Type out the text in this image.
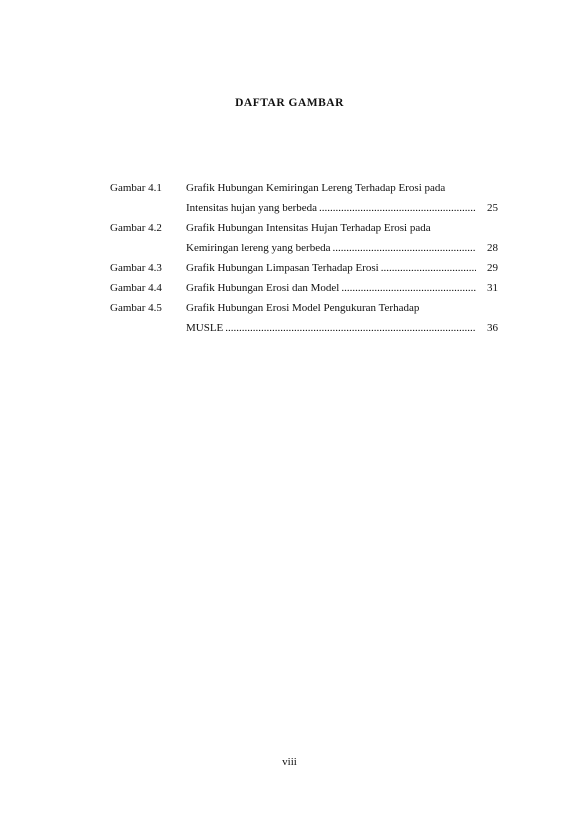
DAFTAR GAMBAR
Gambar 4.1	Grafik Hubungan Kemiringan Lereng Terhadap Erosi pada
Intensitas hujan yang berbeda .....	25
Gambar 4.2	Grafik Hubungan Intensitas Hujan Terhadap Erosi pada
Kemiringan lereng yang berbeda .....	28
Gambar 4.3	Grafik Hubungan Limpasan Terhadap Erosi .....	29
Gambar 4.4	Grafik Hubungan Erosi dan Model .....	31
Gambar 4.5	Grafik Hubungan Erosi Model Pengukuran Terhadap
MUSLE .....	36
viii
